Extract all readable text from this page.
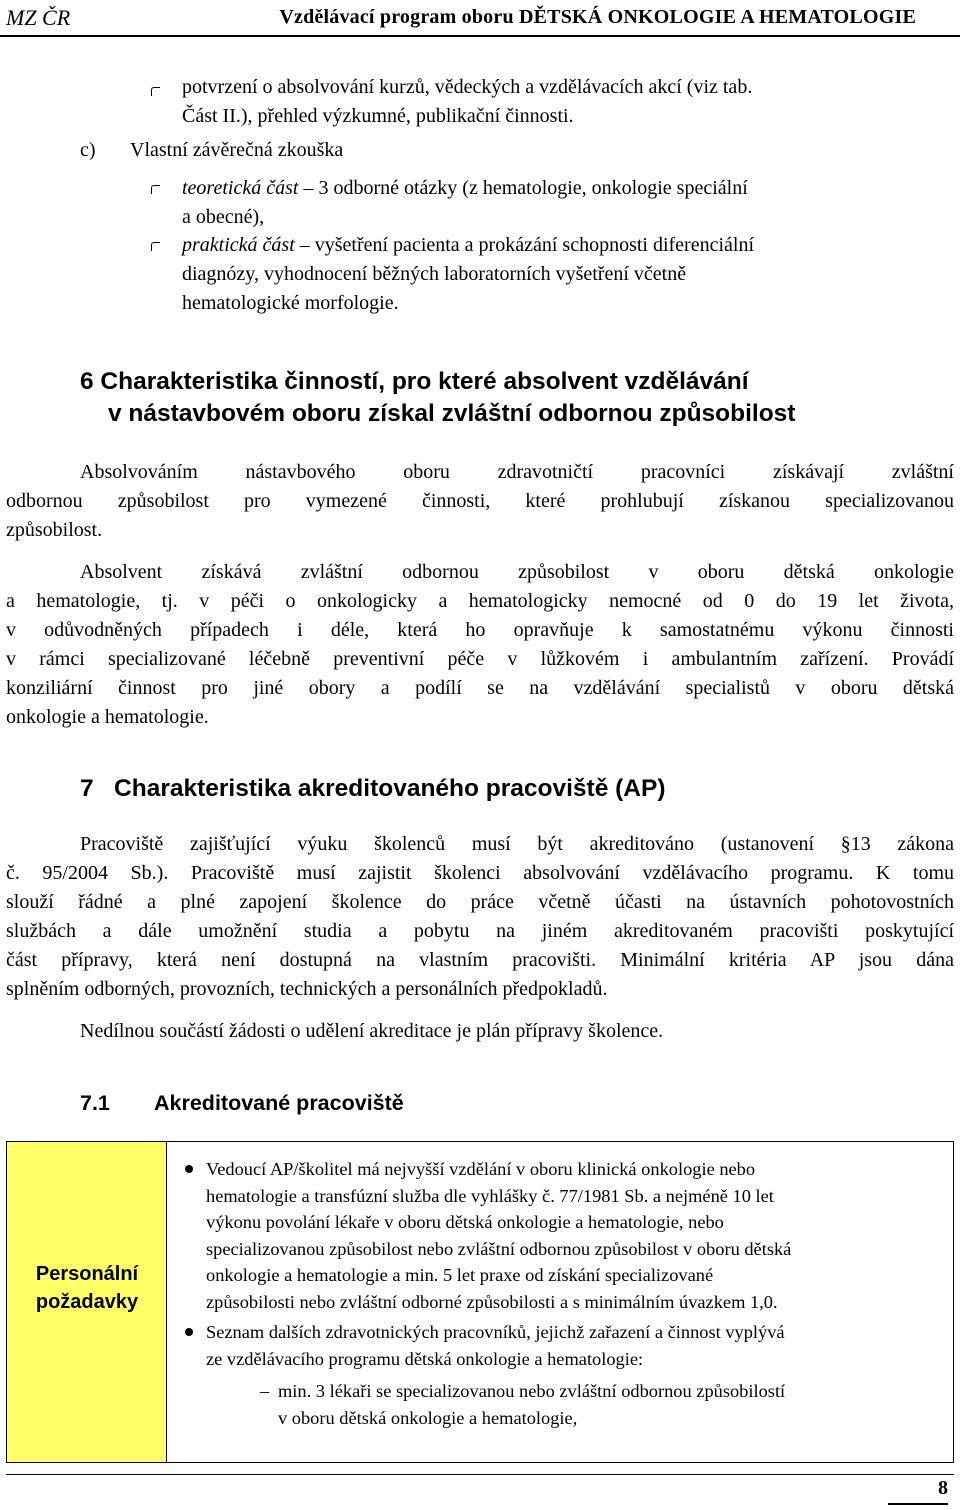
MZ ČR	Vzdělávací program oboru DĚTSKÁ ONKOLOGIE A HEMATOLOGIE
potvrzení o absolvování kurzů, vědeckých a vzdělávacích akcí (viz tab.
Část II.), přehled výzkumné, publikační činnosti.
c) Vlastní závěrečná zkouška
teoretická část – 3 odborné otázky (z hematologie, onkologie speciální
a obecné),
praktická část – vyšetření pacienta a prokázání schopnosti diferenciální
diagnózy, vyhodnocení běžných laboratorních vyšetření včetně
hematologické morfologie.
6 Charakteristika činností, pro které absolvent vzdělávání
v nástavbovém oboru získal zvláštní odbornou způsobilost
Absolvováním nástavbového oboru zdravotničtí pracovníci získávají zvláštní
odbornou způsobilost pro vymezené činnosti, které prohlubují získanou specializovanou
způsobilost.
Absolvent získává zvláštní odbornou způsobilost v oboru dětská onkologie
a hematologie, tj. v péči o onkologicky a hematologicky nemocné od 0 do 19 let života,
v odůvodněných případech i déle, která ho opravňuje k samostatnému výkonu činnosti
v rámci specializované léčebně preventivní péče v lůžkovém i ambulantním zařízení. Provádí
konziliární činnost pro jiné obory a podílí se na vzdělávání specialistů v oboru dětská
onkologie a hematologie.
7   Charakteristika akreditovaného pracoviště (AP)
Pracoviště zajišťující výuku školenců musí být akreditováno (ustanovení §13 zákona
č. 95/2004 Sb.). Pracoviště musí zajistit školenci absolvování vzdělávacího programu. K tomu
slouží řádné a plné zapojení školence do práce včetně účasti na ústavních pohotovostních
službách a dále umožnění studia a pobytu na jiném akreditovaném pracovišti poskytující
část přípravy, která není dostupná na vlastním pracovišti. Minimální kritéria AP jsou dána
splněním odborných, provozních, technických a personálních předpokladů.
Nedílnou součástí žádosti o udělení akreditace je plán přípravy školence.
7.1 Akreditované pracoviště
Personální
požadavky
Vedoucí AP/školitel má nejvyšší vzdělání v oboru klinická onkologie nebo
hematologie a transfúzní služba dle vyhlášky č. 77/1981 Sb. a nejméně 10 let
výkonu povolání lékaře v oboru dětská onkologie a hematologie, nebo
specializovanou způsobilost nebo zvláštní odbornou způsobilost v oboru dětská
onkologie a hematologie a min. 5 let praxe od získání specializované
způsobilosti nebo zvláštní odborné způsobilosti a s minimálním úvazkem 1,0.
Seznam dalších zdravotnických pracovníků, jejichž zařazení a činnost vyplývá
ze vzdělávacího programu dětská onkologie a hematologie:
– min. 3 lékaři se specializovanou nebo zvláštní odbornou způsobilostí
v oboru dětská onkologie a hematologie,
8
